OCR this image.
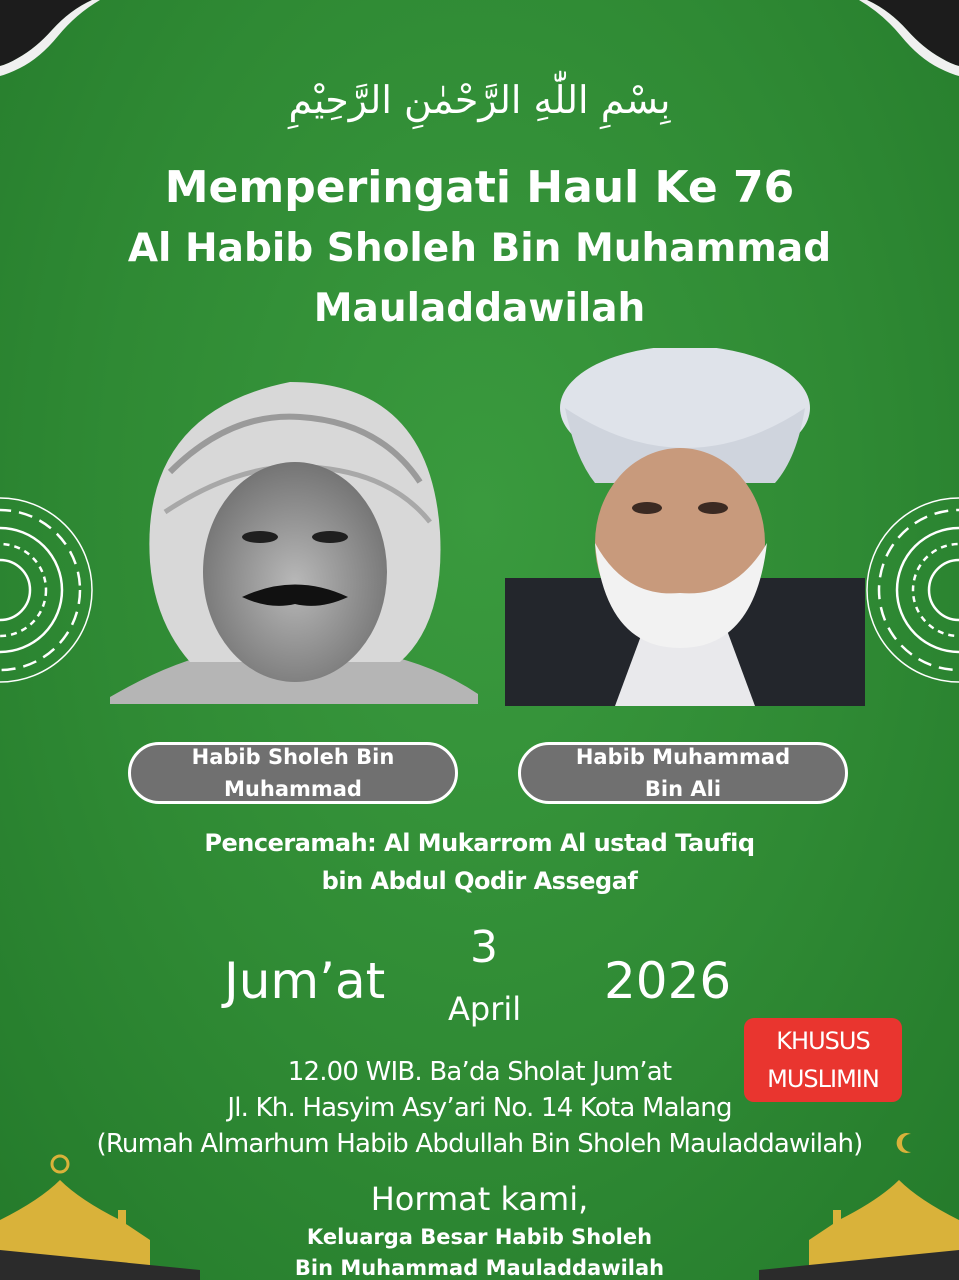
بِسْمِ اللّٰهِ الرَّحْمٰنِ الرَّحِيْمِ
Memperingati Haul Ke 76
Al Habib Sholeh Bin Muhammad
Mauladdawilah
Habib Sholeh Bin
Muhammad
Habib Muhammad
Bin Ali
Penceramah: Al Mukarrom Al ustad Taufiq
bin Abdul Qodir Assegaf
Jum’at
3
April 2026
12.00 WIB. Ba’da Sholat Jum’at
Jl. Kh. Hasyim Asy’ari No. 14 Kota Malang
(Rumah Almarhum Habib Abdullah Bin Sholeh Mauladdawilah)
KHUSUS
MUSLIMIN
Hormat kami,
Keluarga Besar Habib Sholeh
Bin Muhammad Mauladdawilah
